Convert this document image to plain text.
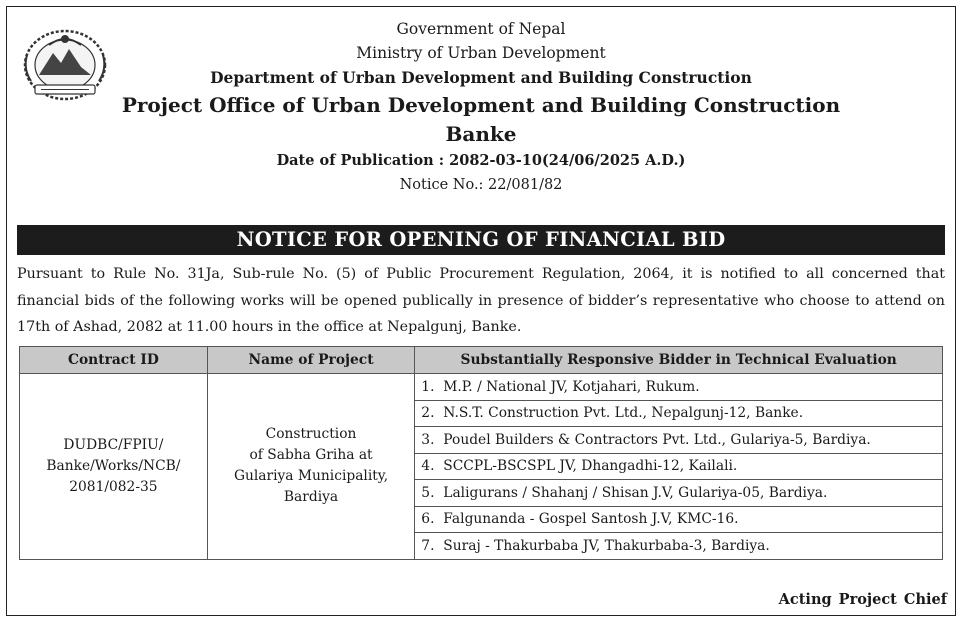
Government of Nepal
Ministry of Urban Development
Department of Urban Development and Building Construction
Project Office of Urban Development and Building Construction
Banke
Date of Publication : 2082-03-10(24/06/2025 A.D.)
Notice No.: 22/081/82
NOTICE FOR OPENING OF FINANCIAL BID
Pursuant to Rule No. 31Ja, Sub-rule No. (5) of Public Procurement Regulation, 2064, it is notified to all concerned that financial bids of the following works will be opened publically in presence of bidder’s representative who choose to attend on 17th of Ashad, 2082 at 11.00 hours in the office at Nepalgunj, Banke.
Contract ID	Name of Project	Substantially Responsive Bidder in Technical Evaluation
DUDBC/FPIU/
Banke/Works/NCB/
2081/082-35	Construction
of Sabha Griha at
Gulariya Municipality,
Bardiya	1. M.P. / National JV, Kotjahari, Rukum.
		2. N.S.T. Construction Pvt. Ltd., Nepalgunj-12, Banke.
		3. Poudel Builders & Contractors Pvt. Ltd., Gulariya-5, Bardiya.
		4. SCCPL-BSCSPL JV, Dhangadhi-12, Kailali.
		5. Laligurans / Shahanj / Shisan J.V, Gulariya-05, Bardiya.
		6. Falgunanda - Gospel Santosh J.V, KMC-16.
		7. Suraj - Thakurbaba JV, Thakurbaba-3, Bardiya.
Acting Project Chief
